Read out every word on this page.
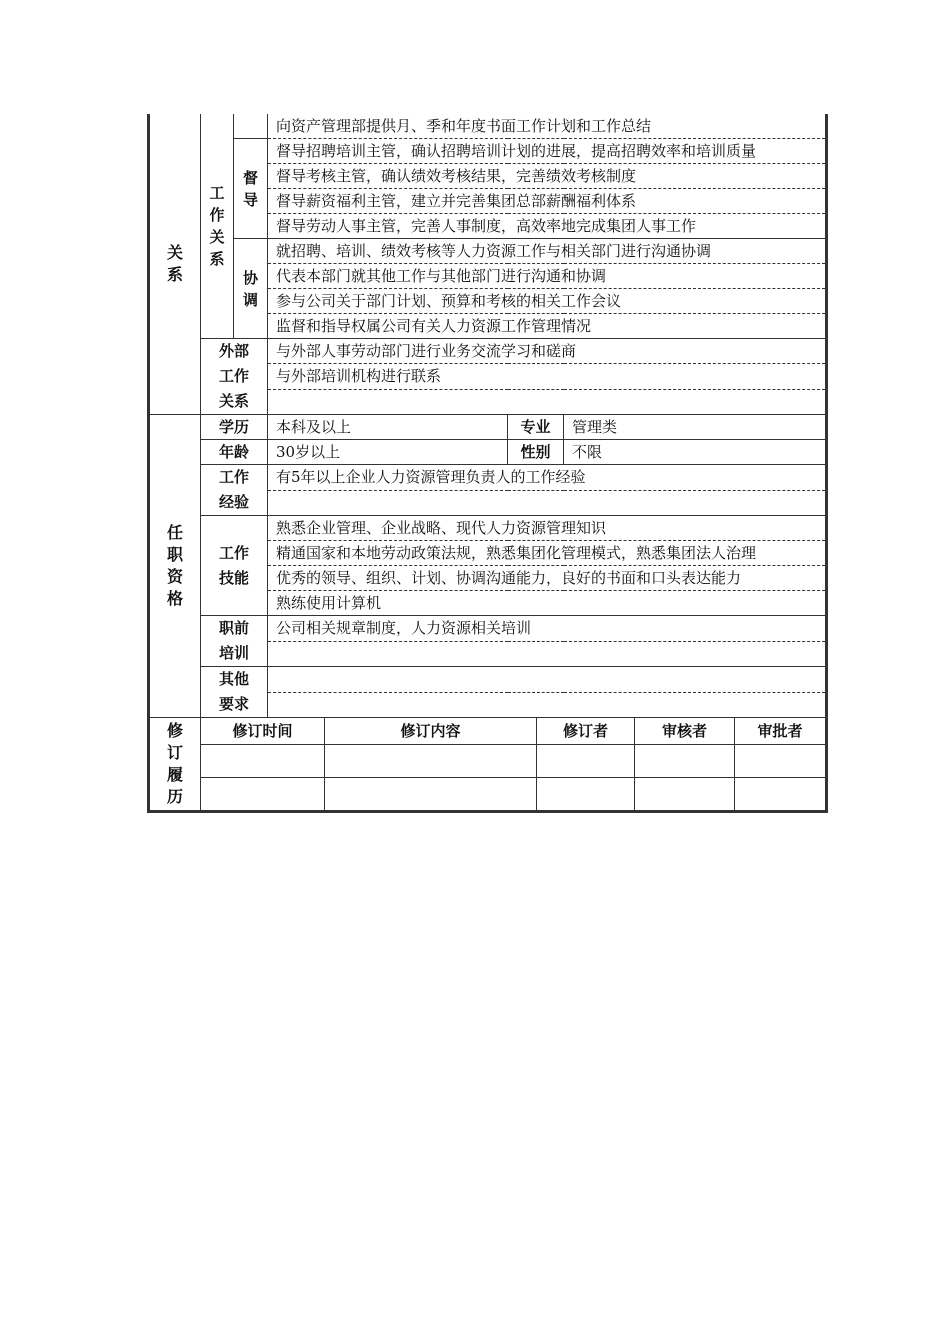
关系	工作关系		向资产管理部提供月、季和年度书面工作计划和工作总结		

		督导	督导招聘培训主管，确认招聘培训计划的进展，提高招聘效率和培训质量		
			督导考核主管，确认绩效考核结果，完善绩效考核制度		
			督导薪资福利主管，建立并完善集团总部薪酬福利体系		
			督导劳动人事主管，完善人事制度，高效率地完成集团人事工作		

		协调	就招聘、培训、绩效考核等人力资源工作与相关部门进行沟通协调		
			代表本部门就其他工作与其他部门进行沟通和协调		
			参与公司关于部门计划、预算和考核的相关工作会议		
			监督和指导权属公司有关人力资源工作管理情况		

	外部工作关系		与外部人事劳动部门进行业务交流学习和磋商		
			与外部培训机构进行联系		

任职资格	学历		本科及以上	专业	管理类
	年龄		30岁以上	性别	不限

	工作经验		有5年以上企业人力资源管理负责人的工作经验		

	工作技能		熟悉企业管理、企业战略、现代人力资源管理知识		
			精通国家和本地劳动政策法规，熟悉集团化管理模式，熟悉集团法人治理		
			优秀的领导、组织、计划、协调沟通能力，良好的书面和口头表达能力		
			熟练使用计算机		

	职前培训		公司相关规章制度，人力资源相关培训		

	其他要求				

修订履历	修订时间	修订内容	修订者	审核者	审批者
